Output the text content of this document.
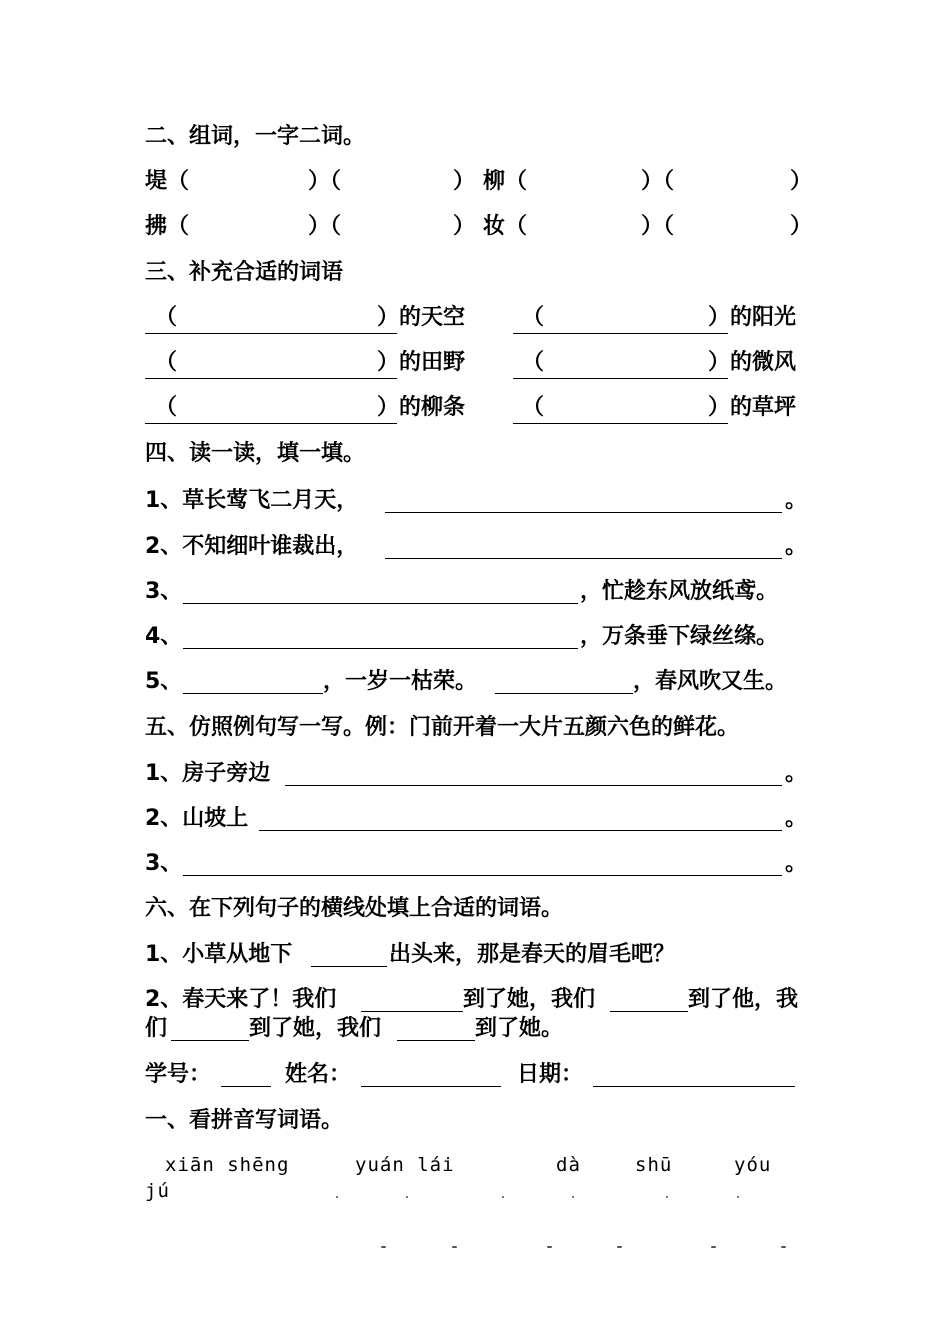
二、组词，一字二词。
堤（	）（	） 柳（	）（	）
拂（	）（	） 妆（	）（	）
三、补充合适的词语
（	）的天空	（	）的阳光
（	）的田野	（	）的微风
（	）的柳条	（	）的草坪
四、读一读，填一填。
1、草长莺飞二月天，	。
2、不知细叶谁裁出，	。
3、	，忙趁东风放纸鸢。
4、	，万条垂下绿丝绦。
5、	，一岁一枯荣。	，春风吹又生。
五、仿照例句写一写。例：门前开着一大片五颜六色的鲜花。
1、房子旁边	。
2、山坡上	。
3、	。
六、在下列句子的横线处填上合适的词语。
1、小草从地下	出头来，那是春天的眉毛吧？
2、春天来了！我们	到了她，我们	到了他，我
们	到了她，我们	到了她。
学号：	姓名：	日期：
一、看拼音写词语。
xiān shēng	yuán lái	dà	shū	yóu
jú
